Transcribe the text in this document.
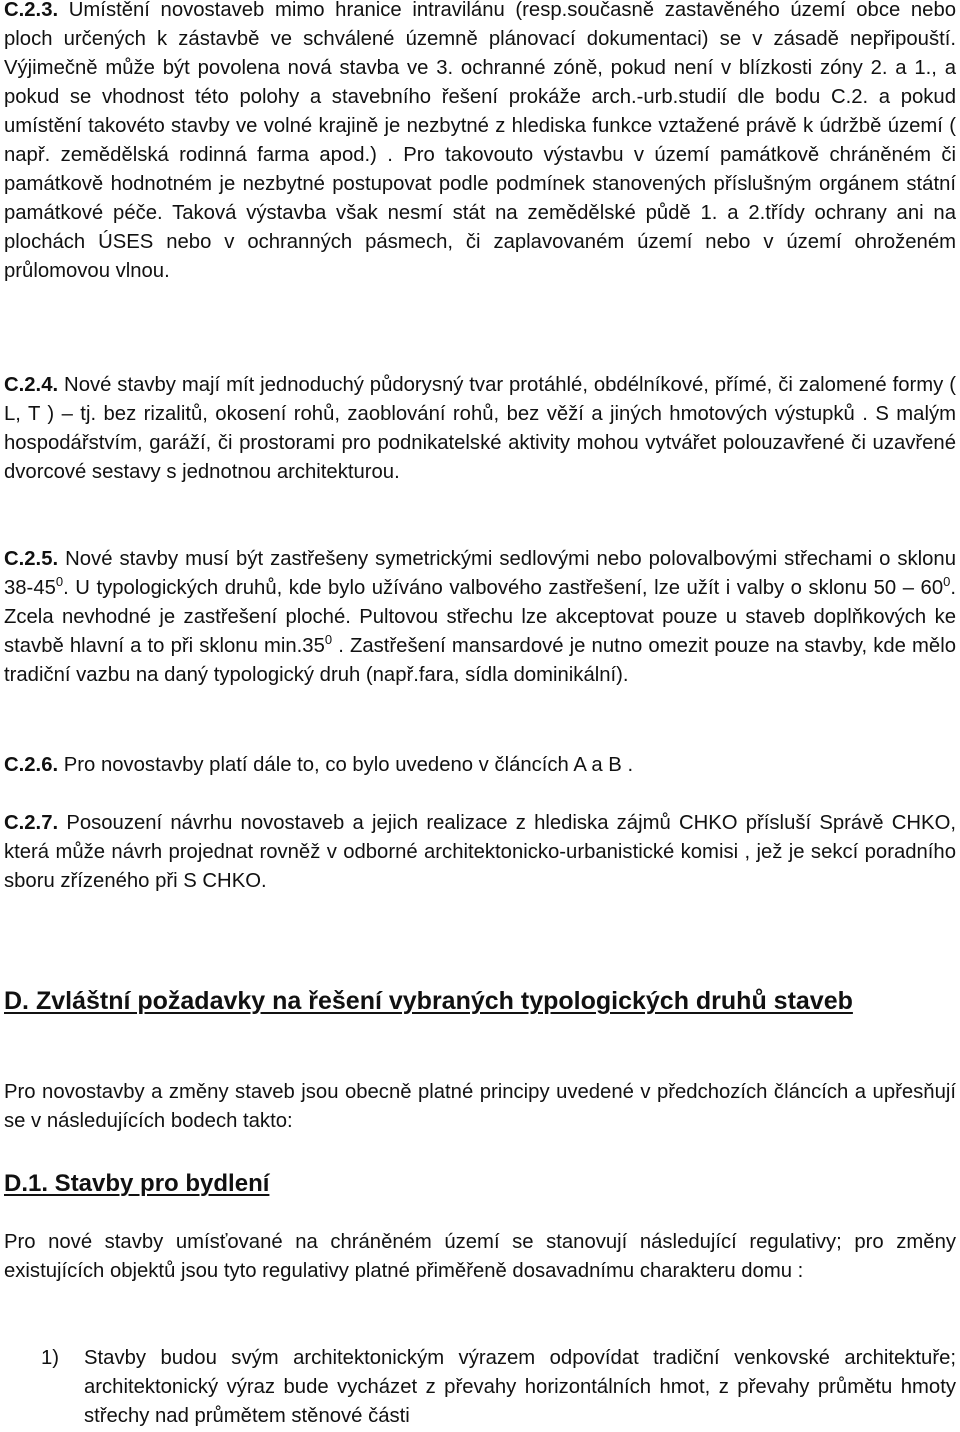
C.2.3. Umístění novostaveb mimo hranice intravilánu (resp.současně zastavěného území obce nebo ploch určených k zástavbě ve schválené územně plánovací dokumentaci) se v zásadě nepřipouští. Výjimečně může být povolena nová stavba ve 3. ochranné zóně, pokud není v blízkosti zóny 2. a 1., a pokud se vhodnost této polohy a stavebního řešení prokáže arch.-urb.studií dle bodu C.2. a pokud umístění takovéto stavby ve volné krajině je nezbytné z hlediska funkce vztažené právě k údržbě území ( např. zemědělská rodinná farma apod.) . Pro takovouto výstavbu v území památkově chráněném či památkově hodnotném je nezbytné postupovat podle podmínek stanovených příslušným orgánem státní památkové péče. Taková výstavba však nesmí stát na zemědělské půdě 1. a 2.třídy ochrany ani na plochách ÚSES nebo v ochranných pásmech, či zaplavovaném území nebo v území ohroženém průlomovou vlnou.

C.2.4. Nové stavby mají mít jednoduchý půdorysný tvar protáhlé, obdélníkové, přímé, či zalomené formy ( L, T ) – tj. bez rizalitů, okosení rohů, zaoblování rohů, bez věží a jiných hmotových výstupků . S malým hospodářstvím, garáží, či prostorami pro podnikatelské aktivity mohou vytvářet polouzavřené či uzavřené dvorcové sestavy s jednotnou architekturou.

C.2.5. Nové stavby musí být zastřešeny symetrickými sedlovými nebo polovalbovými střechami o sklonu $38-45^0$. U typologických druhů, kde bylo užíváno valbového zastřešení, lze užít i valby o sklonu $50 - 60^0$. Zcela nevhodné je zastřešení ploché. Pultovou střechu lze akceptovat pouze u staveb doplňkových ke stavbě hlavní a to při sklonu $\min.35^0$ . Zastřešení mansardové je nutno omezit pouze na stavby, kde mělo tradiční vazbu na daný typologický druh (např.fara, sídla dominikální).

C.2.6. Pro novostavby platí dále to, co bylo uvedeno v článcích A a B .

C.2.7. Posouzení návrhu novostaveb a jejich realizace z hlediska zájmů CHKO přísluší Správě CHKO, která může návrh projednat rovněž v odborné architektonicko-urbanistické komisi , jež je sekcí poradního sboru zřízeného při S CHKO.

D. Zvláštní požadavky na řešení vybraných typologických druhů staveb

Pro novostavby a změny staveb jsou obecně platné principy uvedené v předchozích článcích a upřesňují se v následujících bodech takto:

D.1. Stavby pro bydlení

Pro nové stavby umísťované na chráněném území se stanovují následující regulativy; pro změny existujících objektů jsou tyto regulativy platné přiměřeně dosavadnímu charakteru domu :

1) Stavby budou svým architektonickým výrazem odpovídat tradiční venkovské architektuře; architektonický výraz bude vycházet z převahy horizontálních hmot, z převahy průmětu hmoty střechy nad průmětem stěnové části
